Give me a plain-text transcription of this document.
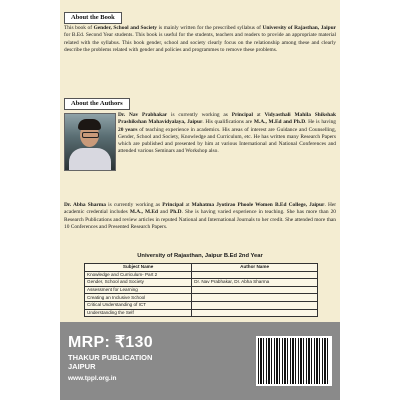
About the Book

This book of Gender, School and Society is mainly written for the prescribed syllabus of University of Rajasthan, Jaipur for B.Ed. Second Year students. This book is useful for the students, teachers and readers to provide an appropriate material related with the syllabus. This book gender, school and society clearly focus on the relationship among these and clearly describe the problems related with gender and policies and programmes to remove these problems.

About the Authors

Dr. Nav Prabhakar is currently working as Principal at Vidyasthali Mahila Shikshak Prashikshan Mahavidyalaya, Jaipur. His qualifications are M.A., M.Ed and Ph.D. He is having 20 years of teaching experience in academics. His areas of interest are Guidance and Counselling, Gender, School and Society, Knowledge and Curriculum, etc. He has written many Research Papers which are published and presented by him at various International and National Conferences and attended various Seminars and Workshop also.

Dr. Abha Sharma is currently working as Principal at Mahatma Jyotirao Phoole Women B.Ed College, Jaipur. Her academic credential includes M.A., M.Ed and Ph.D. She is having varied experience in teaching. She has more than 20 Research Publications and review articles in reputed National and International Journals to her credit. She attended more than 10 Conferences and Presented Research Papers.

University of Rajasthan, Jaipur B.Ed 2nd Year
Subject Name	Author Name
Knowledge and Curriculum- Part 2	
Gender, School and Society	Dr. Nav Prabhakar, Dr. Abha Sharma
Assessment for Learning	
Creating an Inclusive School	
Critical Understanding of ICT	
Understanding the Self	
MRP: ₹130
THAKUR PUBLICATION
JAIPUR
www.tppl.org.in
